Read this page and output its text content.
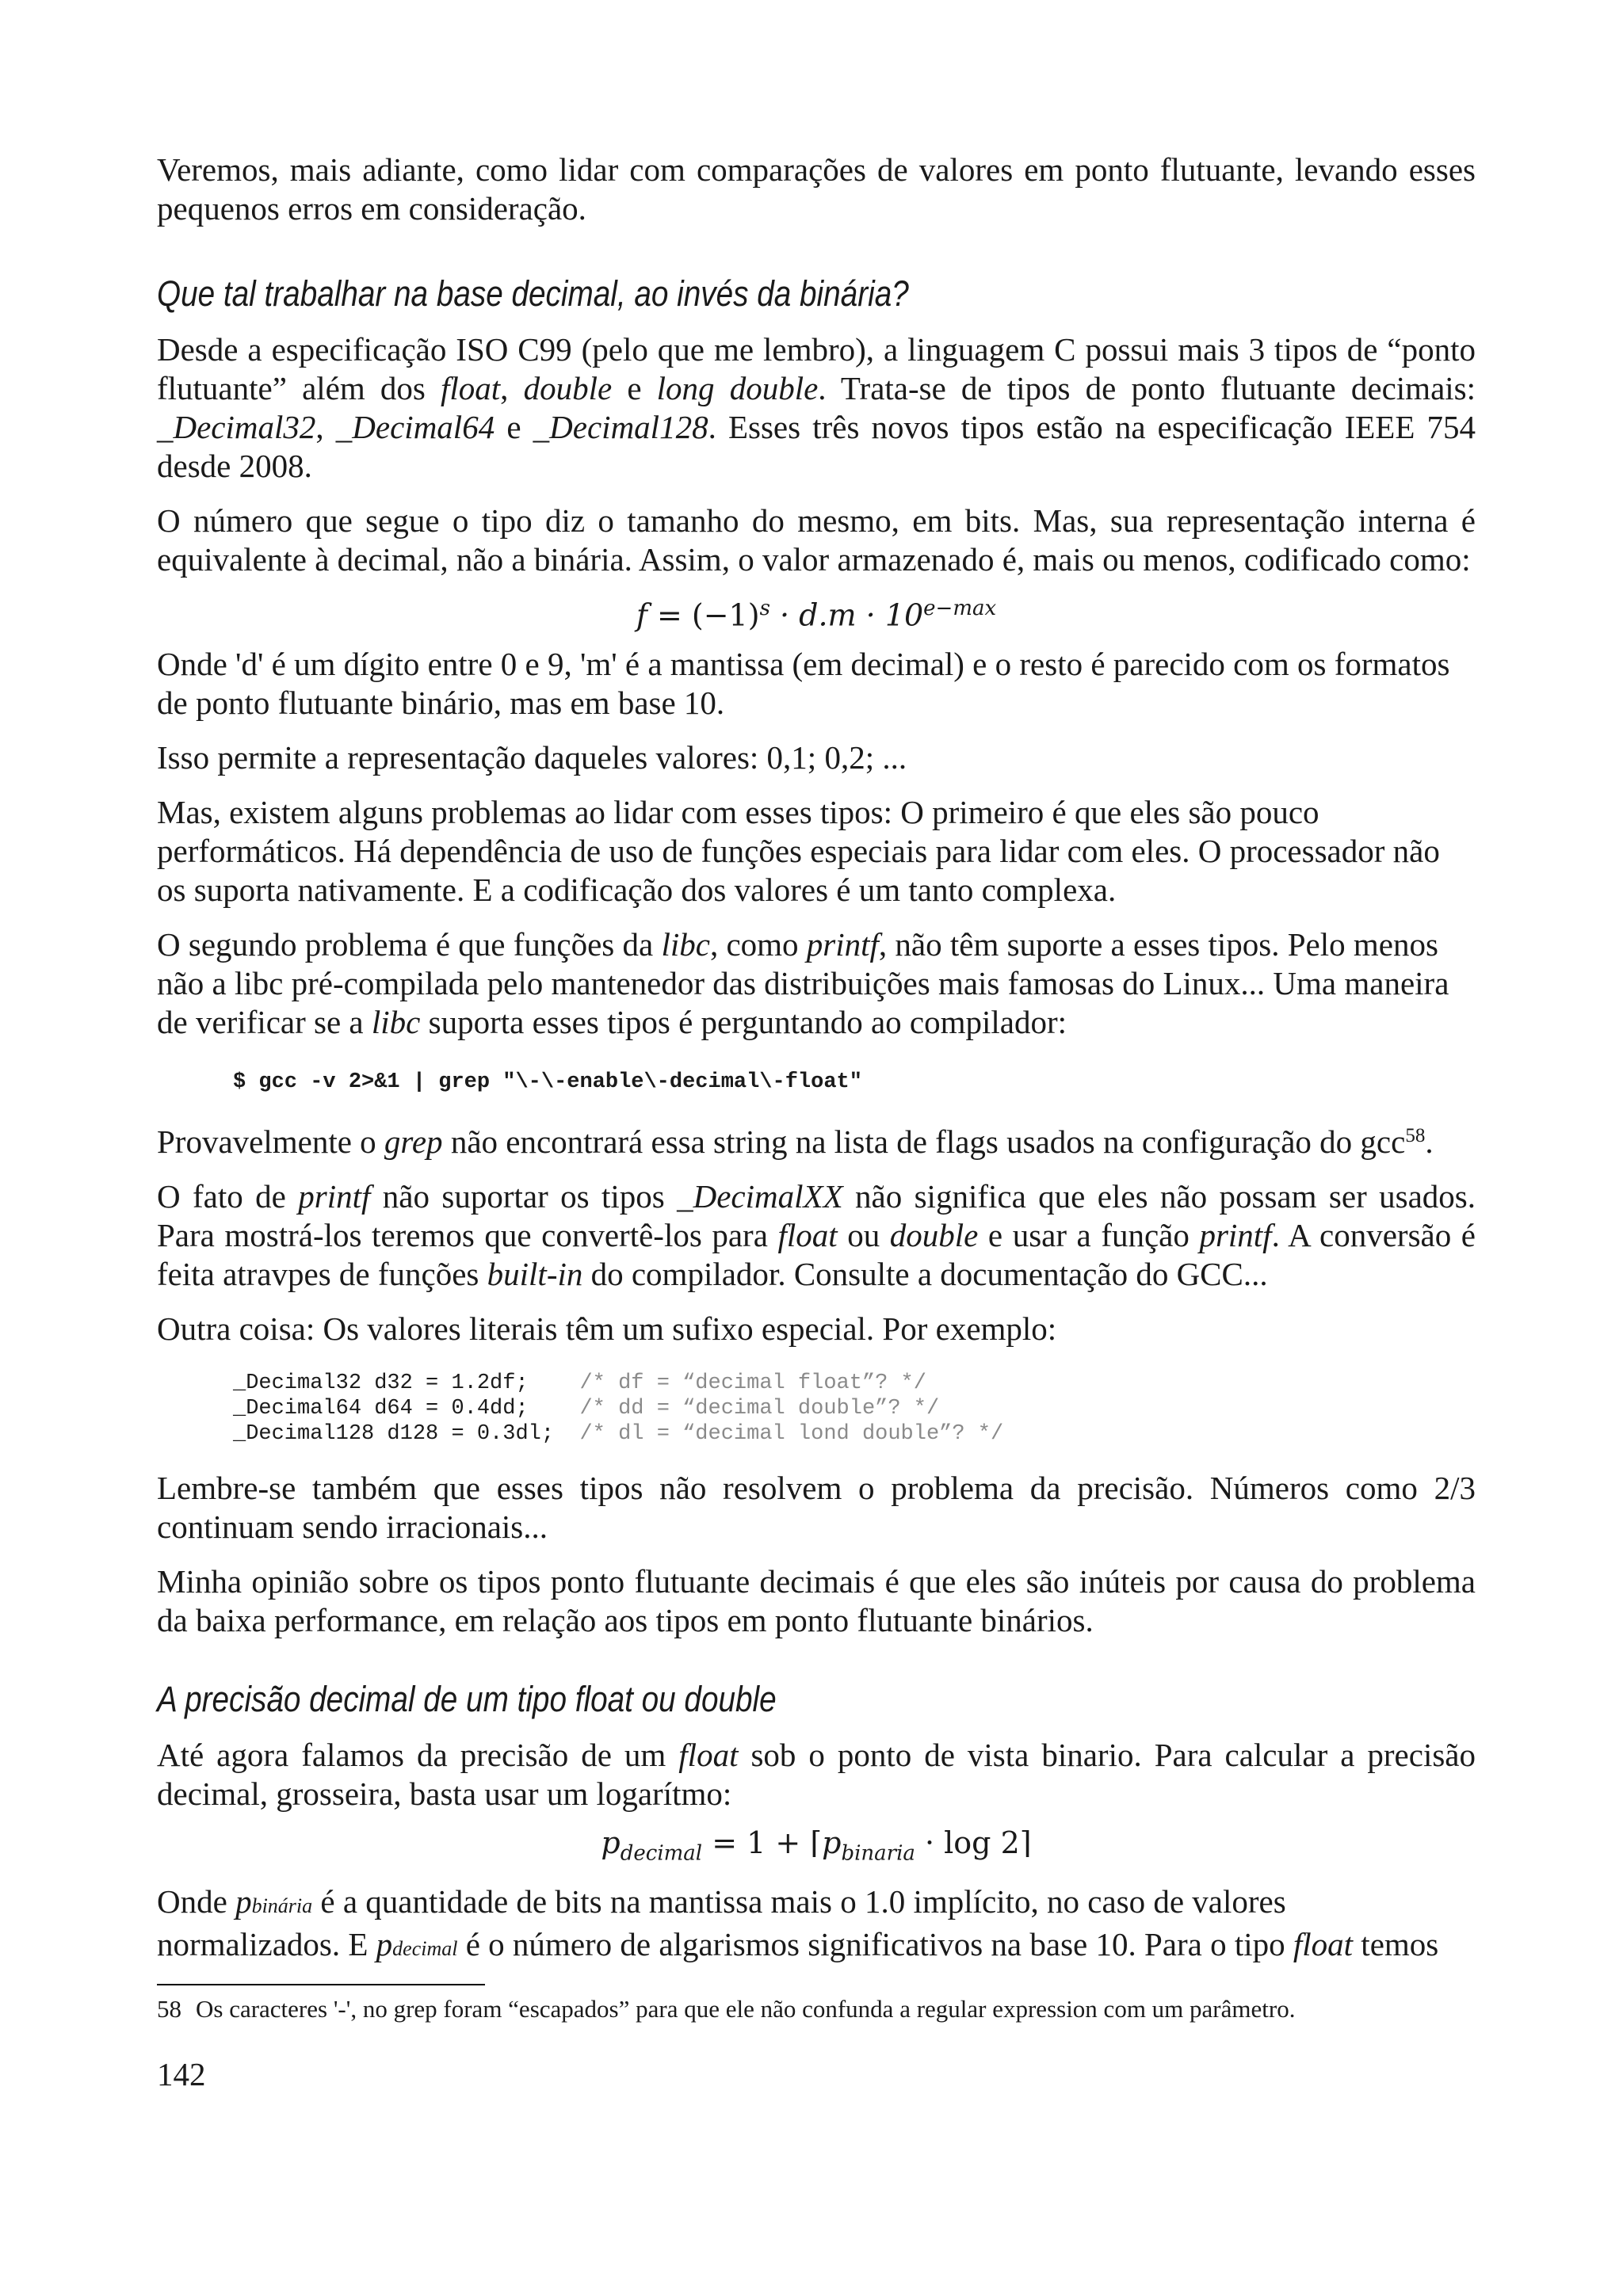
Veremos, mais adiante, como lidar com comparações de valores em ponto flutuante, levando esses pequenos erros em consideração.

Que tal trabalhar na base decimal, ao invés da binária?

Desde a especificação ISO C99 (pelo que me lembro), a linguagem C possui mais 3 tipos de “ponto flutuante” além dos float, double e long double. Trata-se de tipos de ponto flutuante decimais: _Decimal32, _Decimal64 e _Decimal128. Esses três novos tipos estão na especificação IEEE 754 desde 2008.

O número que segue o tipo diz o tamanho do mesmo, em bits. Mas, sua representação interna é equivalente à decimal, não a binária. Assim, o valor armazenado é, mais ou menos, codificado como:

$f = (-1)^s \cdot d.m \cdot 10^{e-max}$

Onde 'd' é um dígito entre 0 e 9, 'm' é a mantissa (em decimal) e o resto é parecido com os formatos de ponto flutuante binário, mas em base 10.

Isso permite a representação daqueles valores: 0,1; 0,2; ...

Mas, existem alguns problemas ao lidar com esses tipos: O primeiro é que eles são pouco performáticos. Há dependência de uso de funções especiais para lidar com eles. O processador não os suporta nativamente. E a codificação dos valores é um tanto complexa.

O segundo problema é que funções da libc, como printf, não têm suporte a esses tipos. Pelo menos não a libc pré-compilada pelo mantenedor das distribuições mais famosas do Linux... Uma maneira de verificar se a libc suporta esses tipos é perguntando ao compilador:

$ gcc -v 2>&1 | grep "\-\-enable\-decimal\-float"

Provavelmente o grep não encontrará essa string na lista de flags usados na configuração do gcc$^{58}$.

O fato de printf não suportar os tipos _DecimalXX não significa que eles não possam ser usados. Para mostrá-los teremos que convertê-los para float ou double e usar a função printf. A conversão é feita atravpes de funções built-in do compilador. Consulte a documentação do GCC...

Outra coisa: Os valores literais têm um sufixo especial. Por exemplo:

_Decimal32 d32 = 1.2df;    /* df = “decimal float”? */
_Decimal64 d64 = 0.4dd;    /* dd = “decimal double”? */
_Decimal128 d128 = 0.3dl;  /* dl = “decimal lond double”? */

Lembre-se também que esses tipos não resolvem o problema da precisão. Números como 2/3 continuam sendo irracionais...

Minha opinião sobre os tipos ponto flutuante decimais é que eles são inúteis por causa do problema da baixa performance, em relação aos tipos em ponto flutuante binários.

A precisão decimal de um tipo float ou double

Até agora falamos da precisão de um float sob o ponto de vista binario. Para calcular a precisão decimal, grosseira, basta usar um logarítmo:

$p_{decimal} = 1$ + $⌈p_{binaria} \cdot \log$ 2⌉

Onde pbinária é a quantidade de bits na mantissa mais o 1.0 implícito, no caso de valores normalizados. E pdecimal é o número de algarismos significativos na base 10. Para o tipo float temos

58 Os caracteres '-', no grep foram “escapados” para que ele não confunda a regular expression com um parâmetro.
142
